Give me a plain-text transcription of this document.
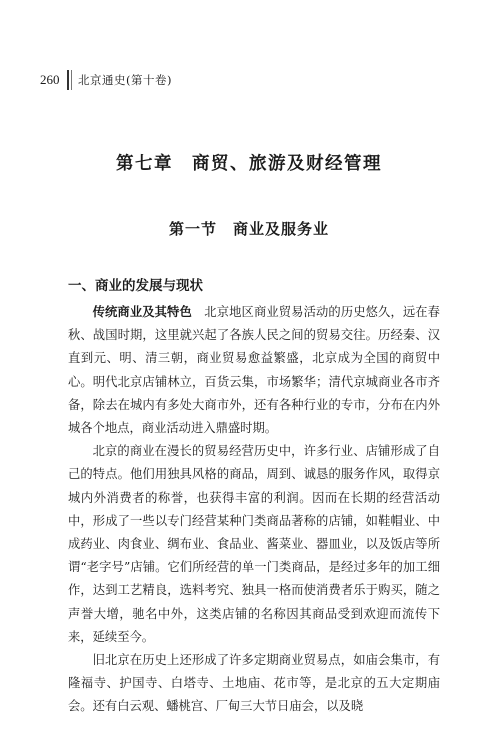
260 北京通史(第十卷)
第七章　商贸、旅游及财经管理
第一节　商业及服务业
一、商业的发展与现状

传统商业及其特色　北京地区商业贸易活动的历史悠久，远在春秋、战国时期，这里就兴起了各族人民之间的贸易交往。历经秦、汉直到元、明、清三朝，商业贸易愈益繁盛，北京成为全国的商贸中心。明代北京店铺林立，百货云集，市场繁华；清代京城商业各市齐备，除去在城内有多处大商市外，还有各种行业的专市，分布在内外城各个地点，商业活动进入鼎盛时期。

北京的商业在漫长的贸易经营历史中，许多行业、店铺形成了自己的特点。他们用独具风格的商品，周到、诚恳的服务作风，取得京城内外消费者的称誉，也获得丰富的利润。因而在长期的经营活动中，形成了一些以专门经营某种门类商品著称的店铺，如鞋帽业、中成药业、肉食业、绸布业、食品业、酱菜业、器皿业，以及饭店等所谓“老字号”店铺。它们所经营的单一门类商品，是经过多年的加工细作，达到工艺精良，选料考究、独具一格而使消费者乐于购买，随之声誉大增，驰名中外，这类店铺的名称因其商品受到欢迎而流传下来，延续至今。

旧北京在历史上还形成了许多定期商业贸易点，如庙会集市，有隆福寺、护国寺、白塔寺、土地庙、花市等，是北京的五大定期庙会。还有白云观、蟠桃宫、厂甸三大节日庙会，以及晓
